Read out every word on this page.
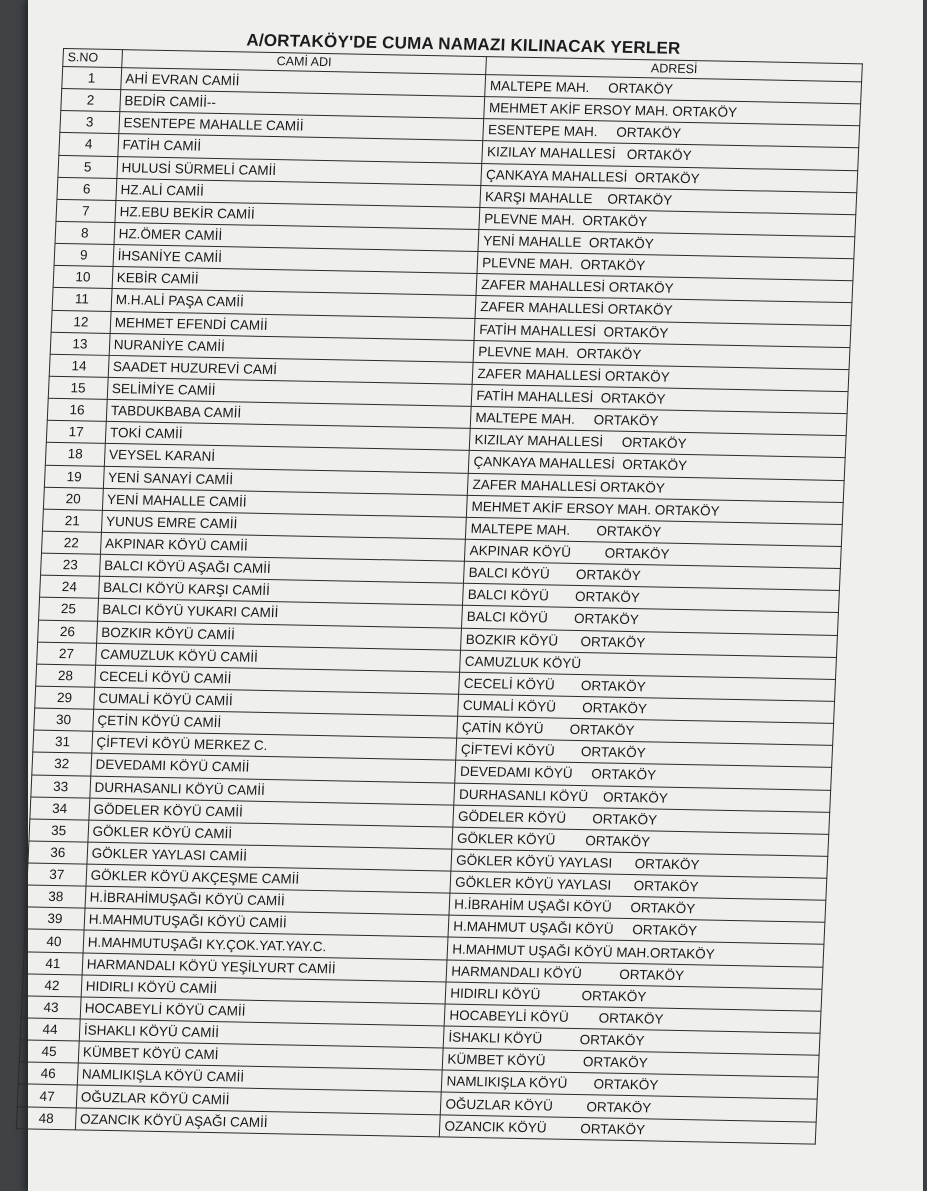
A/ORTAKÖY'DE CUMA NAMAZI KILINACAK YERLER
S.NO	CAMİ ADI	ADRESİ
1	AHİ EVRAN CAMİİ	MALTEPE MAH.     ORTAKÖY
2	BEDİR CAMİİ--	MEHMET AKİF ERSOY MAH. ORTAKÖY
3	ESENTEPE MAHALLE CAMİİ	ESENTEPE MAH.     ORTAKÖY
4	FATİH CAMİİ	KIZILAY MAHALLESİ   ORTAKÖY
5	HULUSİ SÜRMELİ CAMİİ	ÇANKAYA MAHALLESİ  ORTAKÖY
6	HZ.ALİ CAMİİ	KARŞI MAHALLE    ORTAKÖY
7	HZ.EBU BEKİR CAMİİ	PLEVNE MAH.  ORTAKÖY
8	HZ.ÖMER CAMİİ	YENİ MAHALLE  ORTAKÖY
9	İHSANİYE CAMİİ	PLEVNE MAH.  ORTAKÖY
10	KEBİR CAMİİ	ZAFER MAHALLESİ ORTAKÖY
11	M.H.ALİ PAŞA CAMİİ	ZAFER MAHALLESİ ORTAKÖY
12	MEHMET EFENDİ CAMİİ	FATİH MAHALLESİ  ORTAKÖY
13	NURANİYE CAMİİ	PLEVNE MAH.  ORTAKÖY
14	SAADET HUZUREVİ CAMİ	ZAFER MAHALLESİ ORTAKÖY
15	SELİMİYE CAMİİ	FATİH MAHALLESİ  ORTAKÖY
16	TABDUKBABA CAMİİ	MALTEPE MAH.     ORTAKÖY
17	TOKİ CAMİİ	KIZILAY MAHALLESİ     ORTAKÖY
18	VEYSEL KARANİ	ÇANKAYA MAHALLESİ  ORTAKÖY
19	YENİ SANAYİ CAMİİ	ZAFER MAHALLESİ ORTAKÖY
20	YENİ MAHALLE CAMİİ	MEHMET AKİF ERSOY MAH. ORTAKÖY
21	YUNUS EMRE CAMİİ	MALTEPE MAH.       ORTAKÖY
22	AKPINAR KÖYÜ CAMİİ	AKPINAR KÖYÜ         ORTAKÖY
23	BALCI KÖYÜ AŞAĞI CAMİİ	BALCI KÖYÜ       ORTAKÖY
24	BALCI KÖYÜ KARŞI CAMİİ	BALCI KÖYÜ       ORTAKÖY
25	BALCI KÖYÜ YUKARI CAMİİ	BALCI KÖYÜ       ORTAKÖY
26	BOZKIR KÖYÜ CAMİİ	BOZKIR KÖYÜ      ORTAKÖY
27	CAMUZLUK KÖYÜ CAMİİ	CAMUZLUK KÖYÜ
28	CECELİ KÖYÜ CAMİİ	CECELİ KÖYÜ       ORTAKÖY
29	CUMALİ KÖYÜ CAMİİ	CUMALİ KÖYÜ       ORTAKÖY
30	ÇETİN KÖYÜ CAMİİ	ÇATİN KÖYÜ       ORTAKÖY
31	ÇİFTEVİ KÖYÜ MERKEZ C.	ÇİFTEVİ KÖYÜ       ORTAKÖY
32	DEVEDAMI KÖYÜ CAMİİ	DEVEDAMI KÖYÜ     ORTAKÖY
33	DURHASANLI KÖYÜ CAMİİ	DURHASANLI KÖYÜ    ORTAKÖY
34	GÖDELER KÖYÜ CAMİİ	GÖDELER KÖYÜ       ORTAKÖY
35	GÖKLER KÖYÜ CAMİİ	GÖKLER KÖYÜ        ORTAKÖY
36	GÖKLER YAYLASI CAMİİ	GÖKLER KÖYÜ YAYLASI      ORTAKÖY
37	GÖKLER KÖYÜ AKÇEŞME CAMİİ	GÖKLER KÖYÜ YAYLASI      ORTAKÖY
38	H.İBRAHİMUŞAĞI KÖYÜ CAMİİ	H.İBRAHİM UŞAĞI KÖYÜ     ORTAKÖY
39	H.MAHMUTUŞAĞI KÖYÜ CAMİİ	H.MAHMUT UŞAĞI KÖYÜ     ORTAKÖY
40	H.MAHMUTUŞAĞI KY.ÇOK.YAT.YAY.C.	H.MAHMUT UŞAĞI KÖYÜ MAH.ORTAKÖY
41	HARMANDALI KÖYÜ YEŞİLYURT CAMİİ	HARMANDALI KÖYÜ          ORTAKÖY
42	HIDIRLI KÖYÜ CAMİİ	HIDIRLI KÖYÜ           ORTAKÖY
43	HOCABEYLİ KÖYÜ CAMİİ	HOCABEYLİ KÖYÜ        ORTAKÖY
44	İSHAKLI KÖYÜ CAMİİ	İSHAKLI KÖYÜ          ORTAKÖY
45	KÜMBET KÖYÜ CAMİ	KÜMBET KÖYÜ          ORTAKÖY
46	NAMLIKIŞLA KÖYÜ CAMİİ	NAMLIKIŞLA KÖYÜ       ORTAKÖY
47	OĞUZLAR KÖYÜ CAMİİ	OĞUZLAR KÖYÜ         ORTAKÖY
48	OZANCIK KÖYÜ AŞAĞI CAMİİ	OZANCIK KÖYÜ         ORTAKÖY
